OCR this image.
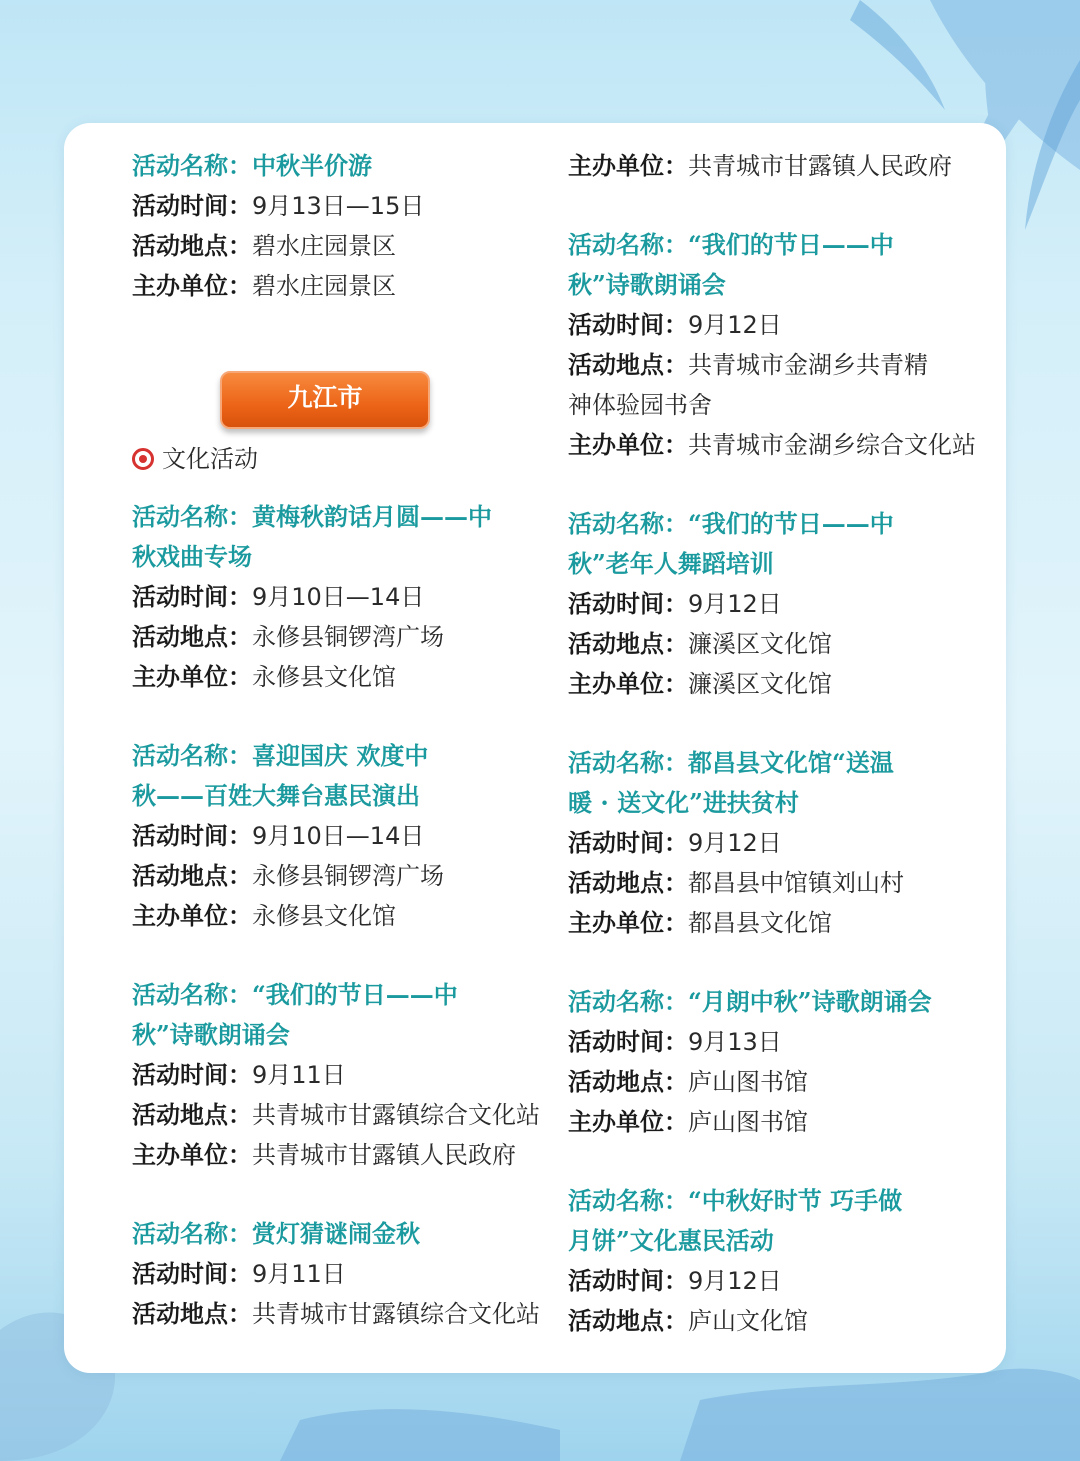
活动名称：中秋半价游

活动时间：9月13日—15日

活动地点：碧水庄园景区

主办单位：碧水庄园景区

九江市
文化活动

活动名称：黄梅秋韵话月圆——中

秋戏曲专场

活动时间：9月10日—14日

活动地点：永修县铜锣湾广场

主办单位：永修县文化馆

活动名称：喜迎国庆 欢度中

秋——百姓大舞台惠民演出

活动时间：9月10日—14日

活动地点：永修县铜锣湾广场

主办单位：永修县文化馆

活动名称：“我们的节日——中

秋”诗歌朗诵会

活动时间：9月11日

活动地点：共青城市甘露镇综合文化站

主办单位：共青城市甘露镇人民政府

活动名称：赏灯猜谜闹金秋

活动时间：9月11日

活动地点：共青城市甘露镇综合文化站

主办单位：共青城市甘露镇人民政府

活动名称：“我们的节日——中

秋”诗歌朗诵会

活动时间：9月12日

活动地点：共青城市金湖乡共青精

神体验园书舍

主办单位：共青城市金湖乡综合文化站

活动名称：“我们的节日——中

秋”老年人舞蹈培训

活动时间：9月12日

活动地点：濂溪区文化馆

主办单位：濂溪区文化馆

活动名称：都昌县文化馆“送温

暖 · 送文化”进扶贫村

活动时间：9月12日

活动地点：都昌县中馆镇刘山村

主办单位：都昌县文化馆

活动名称：“月朗中秋”诗歌朗诵会

活动时间：9月13日

活动地点：庐山图书馆

主办单位：庐山图书馆

活动名称：“中秋好时节 巧手做

月饼”文化惠民活动

活动时间：9月12日

活动地点：庐山文化馆
